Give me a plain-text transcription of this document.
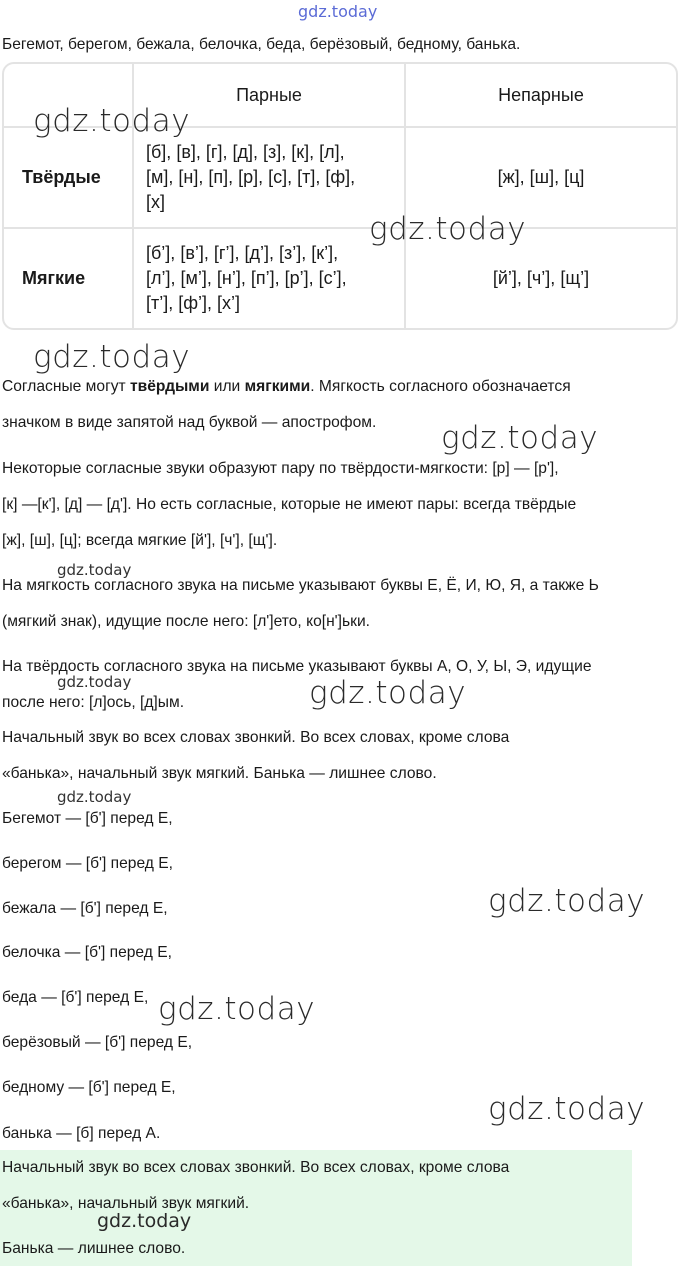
gdz.today
Бегемот, берегом, бежала, белочка, беда, берёзовый, бедному, банька.
	Парные	Непарные
Твёрдые	[б], [в], [г], [д], [з], [к], [л],
[м], [н], [п], [р], [с], [т], [ф],
[х]	[ж], [ш], [ц]
Мягкие	[б’], [в’], [г’], [д’], [з’], [к’],
[л’], [м’], [н’], [п’], [р’], [с’],
[т’], [ф’], [х’]	[й’], [ч’], [щ’]
Согласные могут твёрдыми или мягкими. Мягкость согласного обозначается
значком в виде запятой над буквой — апострофом.
Некоторые согласные звуки образуют пару по твёрдости-мягкости: [р] — [р'],
[к] —[к'], [д] — [д']. Но есть согласные, которые не имеют пары: всегда твёрдые
[ж], [ш], [ц]; всегда мягкие [й'], [ч'], [щ'].
На мягкость согласного звука на письме указывают буквы Е, Ё, И, Ю, Я, а также Ь
(мягкий знак), идущие после него: [л']ето, ко[н']ьки.
На твёрдость согласного звука на письме указывают буквы А, О, У, Ы, Э, идущие
после него: [л]ось, [д]ым.
Начальный звук во всех словах звонкий. Во всех словах, кроме слова
«банька», начальный звук мягкий. Банька — лишнее слово.
Бегемот — [б'] перед Е,
берегом — [б'] перед Е,
бежала — [б'] перед Е,
белочка — [б'] перед Е,
беда — [б'] перед Е,
берёзовый — [б'] перед Е,
бедному — [б'] перед Е,
банька — [б] перед А.
Начальный звук во всех словах звонкий. Во всех словах, кроме слова
«банька», начальный звук мягкий.
Банька — лишнее слово.
gdz.today
gdz.today
gdz.today
gdz.today
gdz.today
gdz.today	gdz.today
gdz.today
gdz.today
gdz.today
gdz.today
gdz.today
